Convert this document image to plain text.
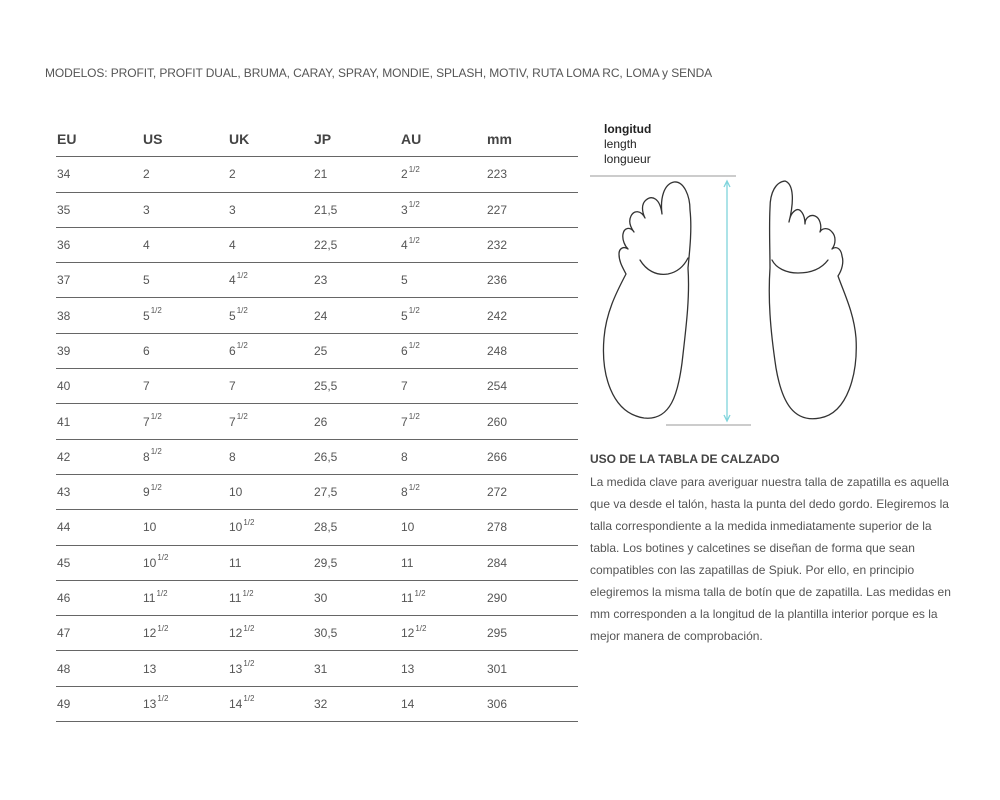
MODELOS: PROFIT, PROFIT DUAL, BRUMA, CARAY, SPRAY, MONDIE, SPLASH, MOTIV, RUTA LOMA RC, LOMA y SENDA
EU	US	UK	JP	AU	mm
34	2	2	21	2 1/2	223
35	3	3	21,5	3 1/2	227
36	4	4	22,5	4 1/2	232
37	5	4 1/2	23	5	236
38	5 1/2	5 1/2	24	5 1/2	242
39	6	6 1/2	25	6 1/2	248
40	7	7	25,5	7	254
41	7 1/2	7 1/2	26	7 1/2	260
42	8 1/2	8	26,5	8	266
43	9 1/2	10	27,5	8 1/2	272
44	10	10 1/2	28,5	10	278
45	10 1/2	11	29,5	11	284
46	11 1/2	11 1/2	30	11 1/2	290
47	12 1/2	12 1/2	30,5	12 1/2	295
48	13	13 1/2	31	13	301
49	13 1/2	14 1/2	32	14	306
longitud
length
longueur
USO DE LA TABLA DE CALZADO
La medida clave para averiguar nuestra talla de zapatilla es aquella que va desde el talón, hasta la punta del dedo gordo. Elegiremos la talla correspondiente a la medida inmediatamente superior de la tabla. Los botines y calcetines se diseñan de forma que sean compatibles con las zapatillas de Spiuk. Por ello, en principio elegiremos la misma talla de botín que de zapatilla. Las medidas en mm corresponden a la longitud de la plantilla interior porque es la mejor manera de comprobación.
